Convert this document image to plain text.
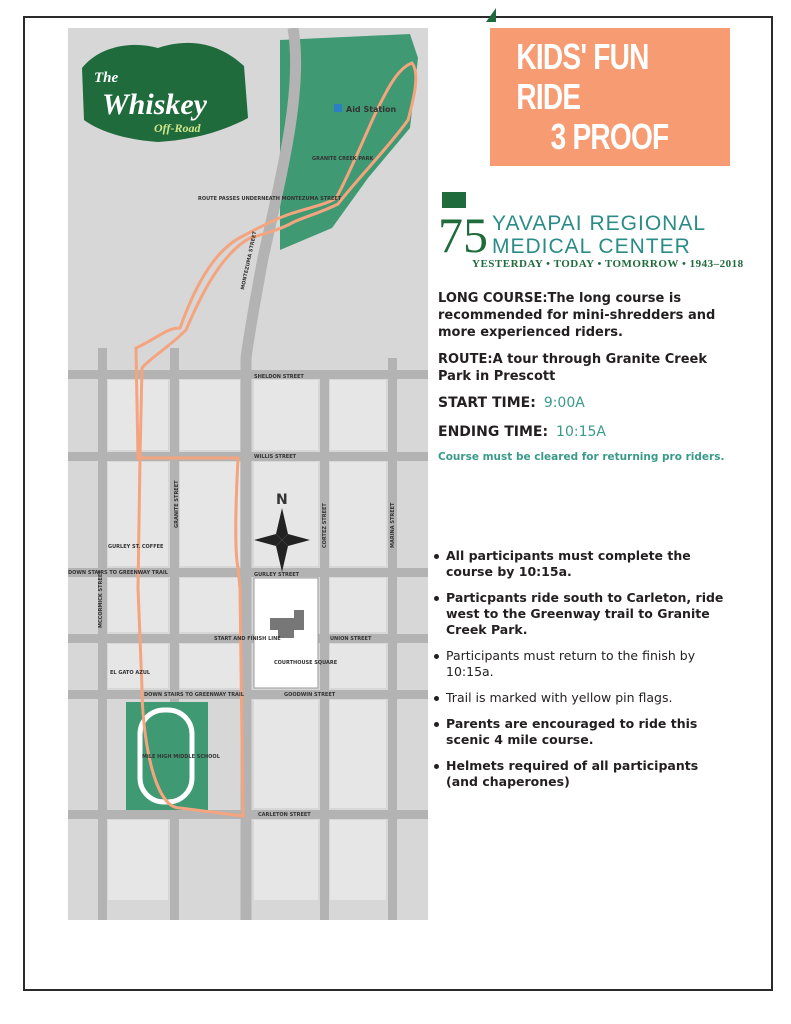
Aid Station
GRANITE CREEK PARK
ROUTE PASSES UNDERNEATH MONTEZUMA STREET
MONTEZUMA STREET
SHELDON STREET
WILLIS STREET
GURLEY STREET
UNION STREET
GOODWIN STREET
CARLETON STREET
GRANITE STREET	CORTEZ STREET	MARINA STREET
MCCORMICK STREET
GURLEY ST. COFFEE
DOWN STAIRS TO GREENWAY TRAIL
EL GATO AZUL
DOWN STAIRS TO GREENWAY TRAIL
START AND FINISH LINE
COURTHOUSE SQUARE
MILE HIGH MIDDLE SCHOOL
N
The
Whiskey
Off-Road
KIDS' FUN RIDE
3 PROOF
75 YAVAPAI REGIONAL
MEDICAL CENTER
YESTERDAY • TODAY • TOMORROW • 1943–2018

LONG COURSE:The long course is recommended for mini-shredders and more experienced riders.

ROUTE:A tour through Granite Creek Park in Prescott

START TIME: 9:00A
ENDING TIME: 10:15A
Course must be cleared for returning pro riders.
All participants must complete the course by 10:15a.
Particpants ride south to Carleton, ride west to the Greenway trail to Granite Creek Park.
Participants must return to the finish by 10:15a.
Trail is marked with yellow pin flags.
Parents are encouraged to ride this scenic 4 mile course.
Helmets required of all participants (and chaperones)
